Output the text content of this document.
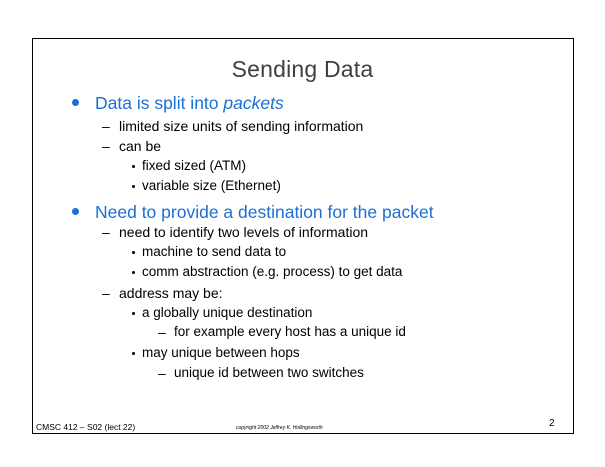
Sending Data
Data is split into packets
– limited size units of sending information
– can be
fixed sized (ATM)
variable size (Ethernet)
Need to provide a destination for the packet
– need to identify two levels of information
machine to send data to
comm abstraction (e.g. process) to get data
– address may be:
a globally unique destination
– for example every host has a unique id
may unique between hops
– unique id between two switches
CMSC 412 – S02 (lect 22)	copyright 2002 Jeffrey K. Hollingsworth	2
